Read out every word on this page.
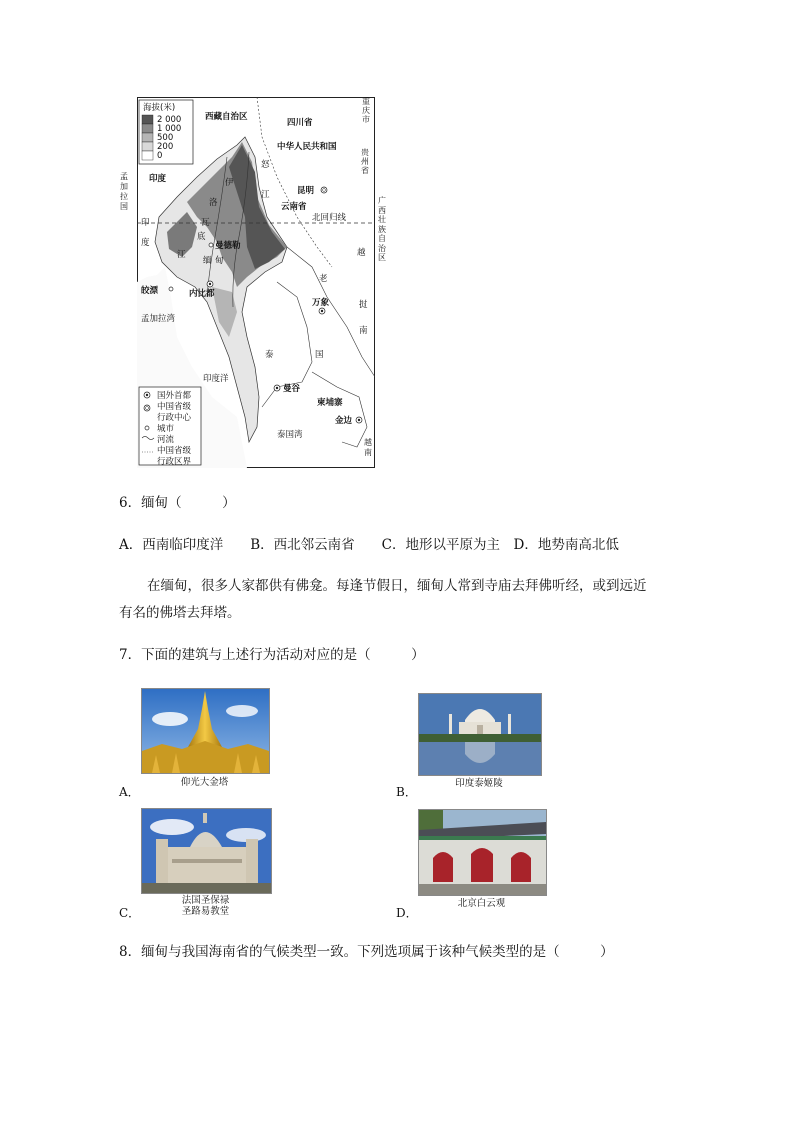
海拔(米)
2 000
1 000
500
200
0
国外首都
中国省级
行政中心
城市
河流
中国省级
行政区界
西藏自治区
四川省
中华人民共和国
昆明
云南省
北回归线
印度
印
度
怒
江
伊
洛
瓦
底
江
曼德勒
缅 甸
越
老
挝
南
皎漂	内比都
万象
孟加拉湾
泰	国
曼谷
印度洋
柬埔寨
金边
泰国湾
重庆市
贵州省
广西壮族自治区
孟加拉国
越南
6．缅甸（　　　）
A．西南临印度洋　　B．西北邻云南省　　C．地形以平原为主　D．地势南高北低
在缅甸，很多人家都供有佛龛。每逢节假日，缅甸人常到寺庙去拜佛听经，或到远近
有名的佛塔去拜塔。
7．下面的建筑与上述行为活动对应的是（　　　）
仰光大金塔
A．
印度泰姬陵
B．
法国圣保禄
圣路易教堂
C．
北京白云观
D．
8．缅甸与我国海南省的气候类型一致。下列选项属于该种气候类型的是（　　　）
